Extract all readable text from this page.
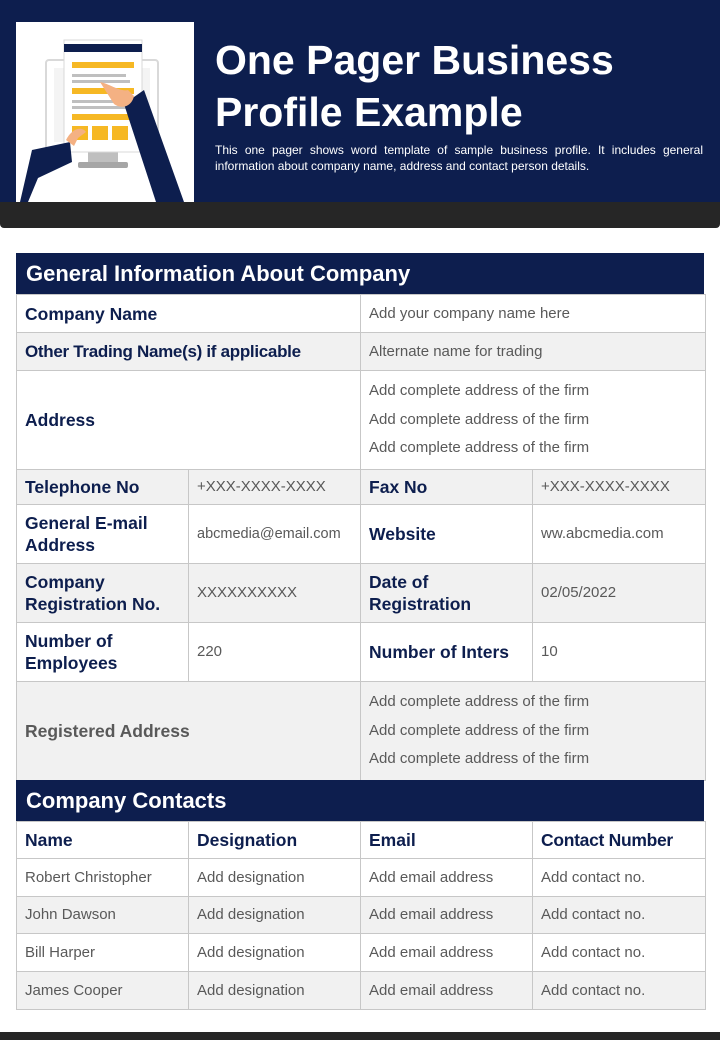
One Pager Business Profile Example
This one pager shows word template of sample business profile. It includes general information about company name, address and contact person details.
General Information About Company
Company Name		Add your company name here	
Other Trading Name(s) if applicable		Alternate name for trading	
Address		Add complete address of the firm
Add complete address of the firm
Add complete address of the firm	

Telephone No	+XXX-XXXX-XXXX	Fax No	+XXX-XXXX-XXXX
General E-mail Address	abcmedia@email.com	Website	ww.abcmedia.com
Company Registration No.	XXXXXXXXXX	Date of Registration	02/05/2022
Number of Employees	220	Number of Inters	10
Registered Address		Add complete address of the firm
Add complete address of the firm
Add complete address of the firm	
Company Contacts
Name	Designation	Email	Contact Number
Robert Christopher	Add designation	Add email address	Add contact no.
John Dawson	Add designation	Add email address	Add contact no.
Bill Harper	Add designation	Add email address	Add contact no.
James Cooper	Add designation	Add email address	Add contact no.
